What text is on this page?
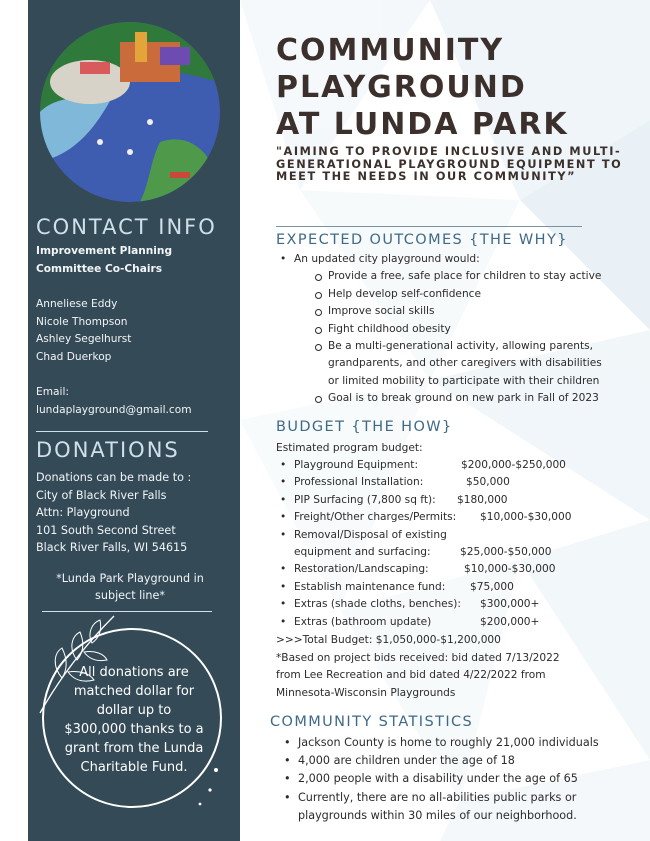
CONTACT INFO
Improvement Planning
Committee Co-Chairs
Anneliese Eddy
Nicole Thompson
Ashley Segelhurst
Chad Duerkop
Email:
lundaplayground@gmail.com
DONATIONS
Donations can be made to :
City of Black River Falls
Attn: Playground
101 South Second Street
Black River Falls, WI 54615
*Lunda Park Playground in subject line*
All donations are matched dollar for dollar up to $300,000 thanks to a grant from the Lunda Charitable Fund.
COMMUNITY
PLAYGROUND
AT LUNDA PARK
"AIMING TO PROVIDE INCLUSIVE AND MULTI-GENERATIONAL PLAYGROUND EQUIPMENT TO MEET THE NEEDS IN OUR COMMUNITY”
EXPECTED OUTCOMES {THE WHY}
• An updated city playground would:
Provide a free, safe place for children to stay active
Help develop self-confidence
Improve social skills
Fight childhood obesity
Be a multi-generational activity, allowing parents,
grandparents, and other caregivers with disabilities
or limited mobility to participate with their children
Goal is to break ground on new park in Fall of 2023
BUDGET {THE HOW}
Estimated program budget:
• Playground Equipment:	$200,000-$250,000
• Professional Installation:	$50,000
• PIP Surfacing (7,800 sq ft): $180,000
• Freight/Other charges/Permits: $10,000-$30,000
• Removal/Disposal of existing
equipment and surfacing:	$25,000-$50,000
• Restoration/Landscaping:	$10,000-$30,000
• Establish maintenance fund: $75,000
• Extras (shade cloths, benches): $300,000+
• Extras (bathroom update)	$200,000+
>>>Total Budget: $1,050,000-$1,200,000
*Based on project bids received: bid dated 7/13/2022
from Lee Recreation and bid dated 4/22/2022 from
Minnesota-Wisconsin Playgrounds
COMMUNITY STATISTICS
• Jackson County is home to roughly 21,000 individuals
• 4,000 are children under the age of 18
• 2,000 people with a disability under the age of 65
• Currently, there are no all-abilities public parks or
playgrounds within 30 miles of our neighborhood.
